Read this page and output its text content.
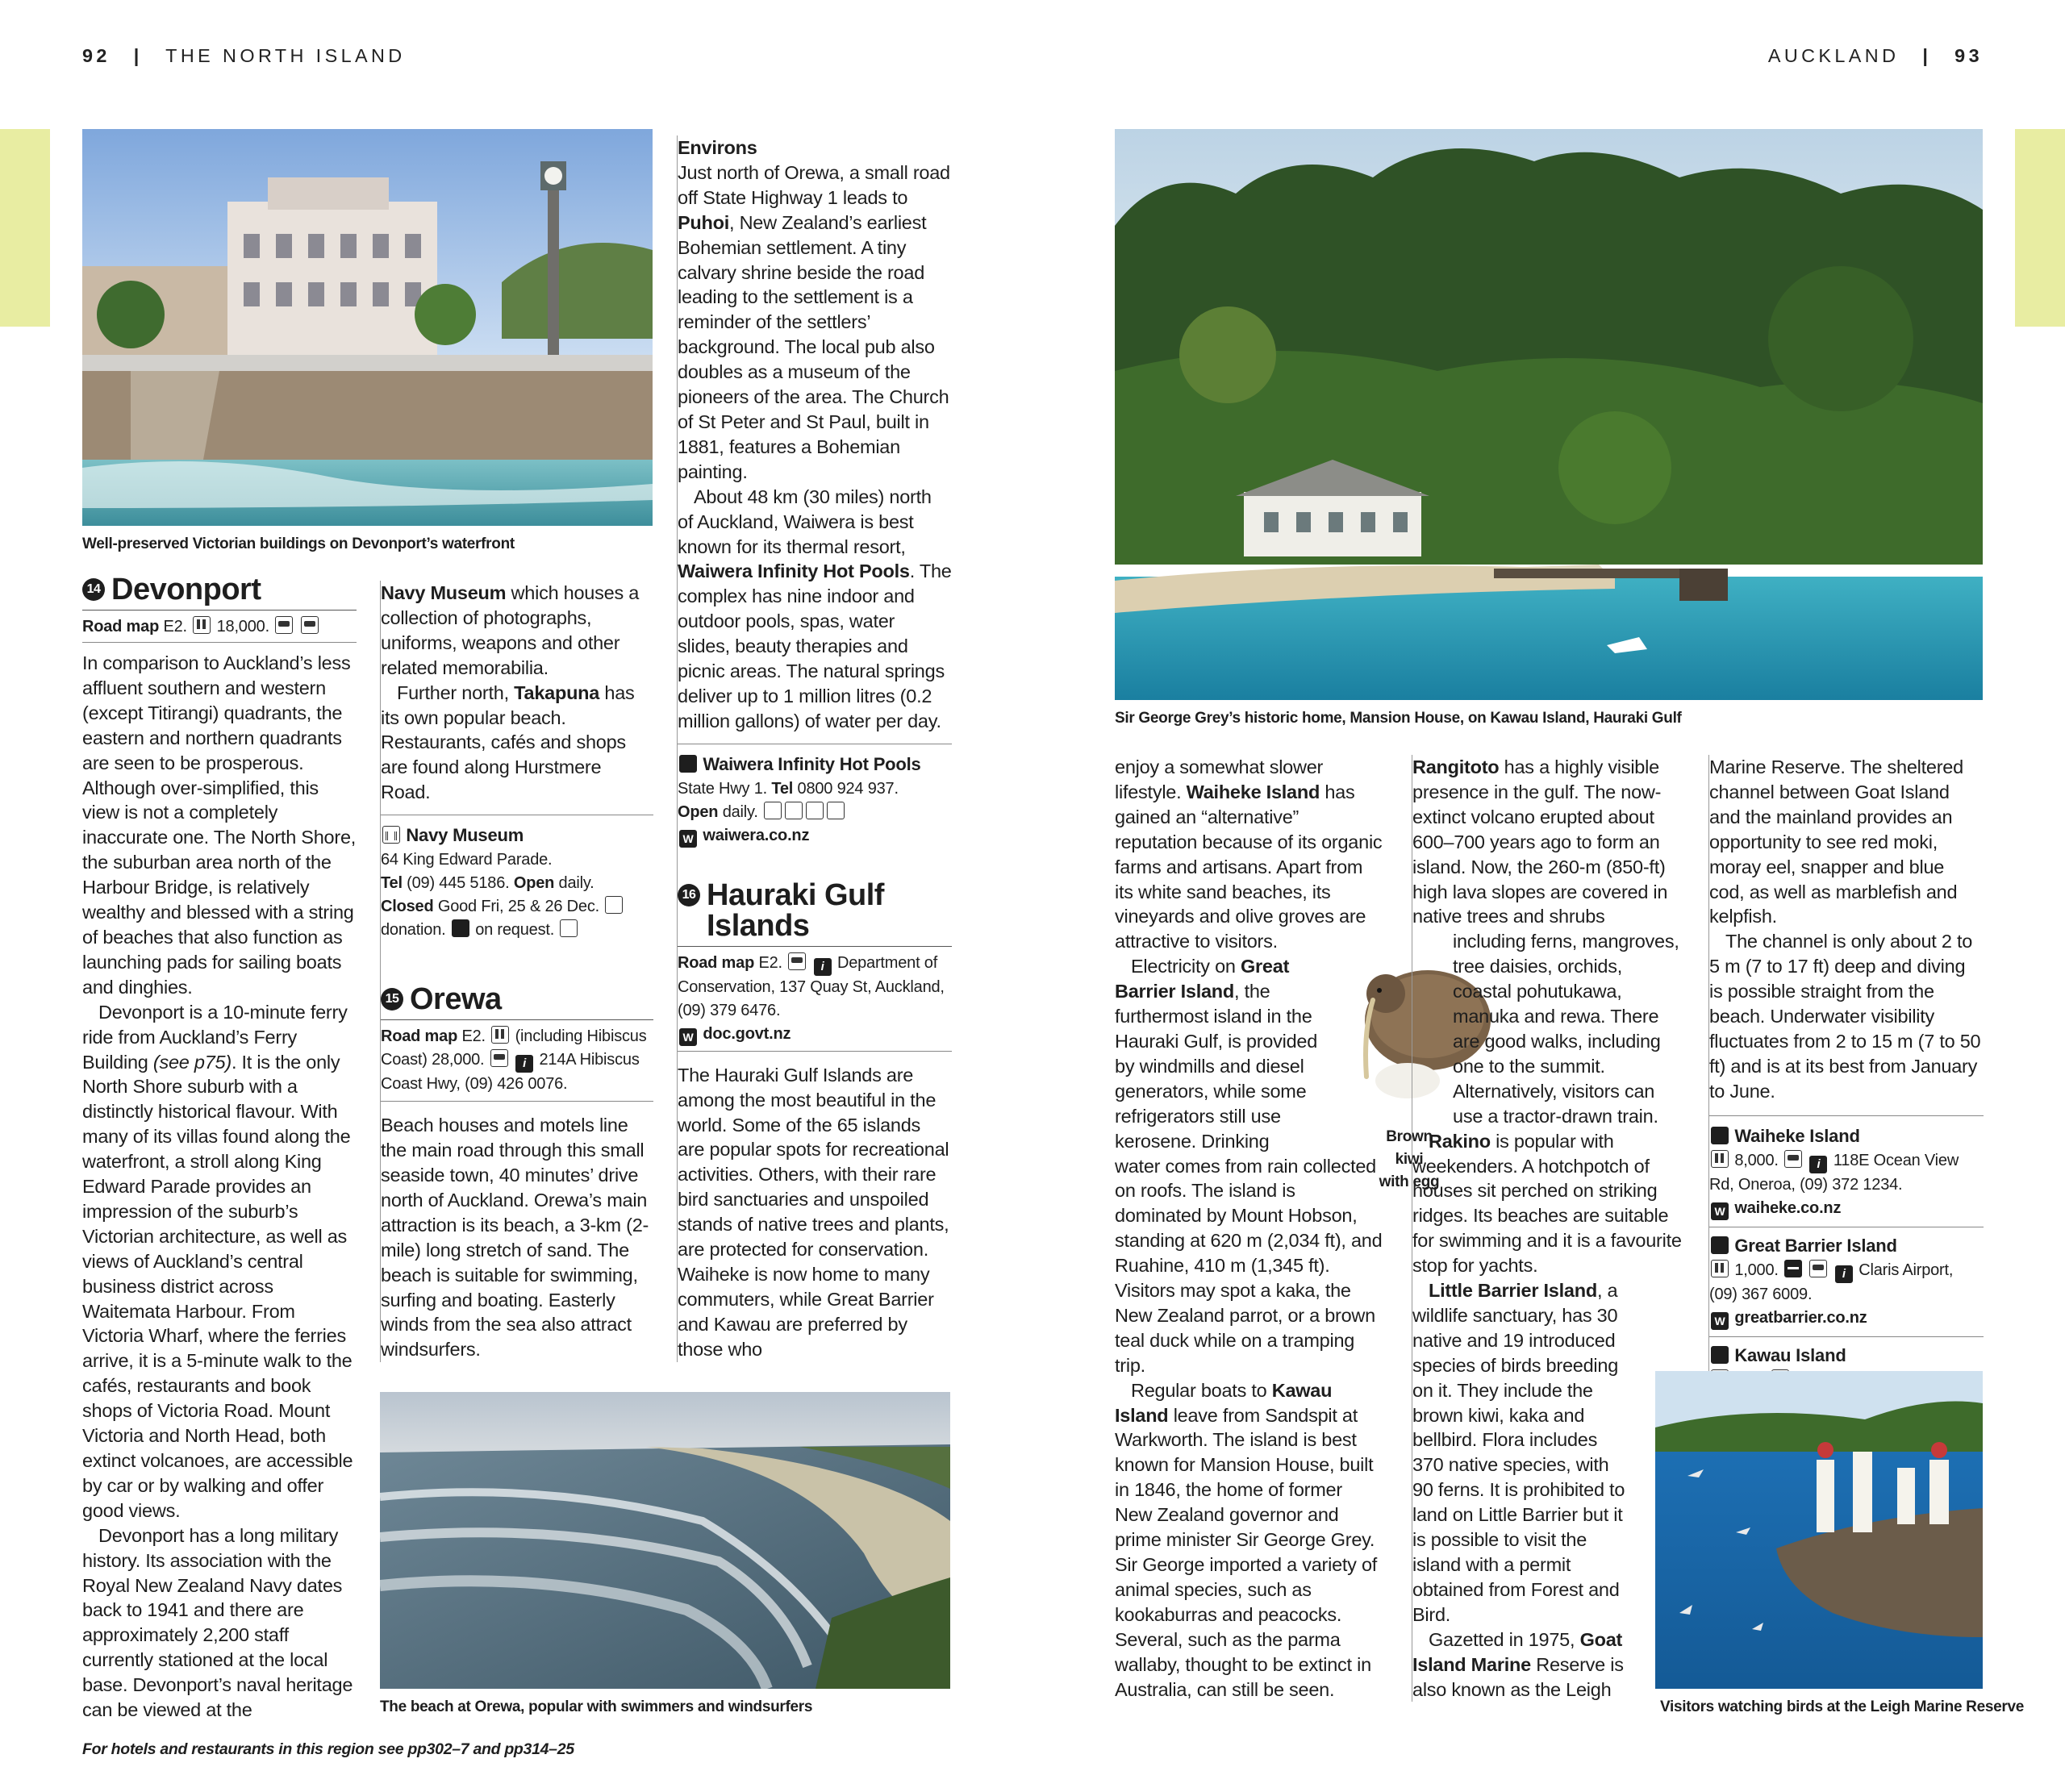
92 | THE NORTH ISLAND	AUCKLAND | 93
Well-preserved Victorian buildings on Devonport’s waterfront
14 Devonport
Road map E2. 18,000.

In comparison to Auckland’s less affluent southern and western (except Titirangi) quadrants, the eastern and northern quadrants are seen to be prosperous. Although over-simplified, this view is not a completely inaccurate one. The North Shore, the suburban area north of the Harbour Bridge, is relatively wealthy and blessed with a string of beaches that also function as launching pads for sailing boats and dinghies.

Devonport is a 10-minute ferry ride from Auckland’s Ferry Building (see p75). It is the only North Shore suburb with a distinctly historical flavour. With many of its villas found along the waterfront, a stroll along King Edward Parade provides an impression of the suburb’s Victorian architecture, as well as views of Auckland’s central business district across Waitemata Harbour. From Victoria Wharf, where the ferries arrive, it is a 5-minute walk to the cafés, restaurants and book shops of Victoria Road. Mount Victoria and North Head, both extinct volcanoes, are accessible by car or by walking and offer good views.

Devonport has a long military history. Its association with the Royal New Zealand Navy dates back to 1941 and there are approximately 2,200 staff currently stationed at the local base. Devonport’s naval heritage can be viewed at the

Navy Museum which houses a collection of photographs, uniforms, weapons and other related memorabilia.

Further north, Takapuna has its own popular beach. Restaurants, cafés and shops are found along Hurstmere Road.

Navy Museum
64 King Edward Parade.
Tel (09) 445 5186. Open daily.
Closed Good Fri, 25 & 26 Dec.
donation. on request.
15 Orewa
Road map E2. (including Hibiscus Coast) 28,000.	i 214A Hibiscus Coast Hwy, (09) 426 0076.

Beach houses and motels line the main road through this small seaside town, 40 minutes’ drive north of Auckland. Orewa’s main attraction is its beach, a 3-km (2-mile) long stretch of sand. The beach is suitable for swimming, surfing and boating. Easterly winds from the sea also attract windsurfers.

Environs

Just north of Orewa, a small road off State Highway 1 leads to Puhoi, New Zealand’s earliest Bohemian settlement. A tiny calvary shrine beside the road leading to the settlement is a reminder of the settlers’ background. The local pub also doubles as a museum of the pioneers of the area. The Church of St Peter and St Paul, built in 1881, features a Bohemian painting.

About 48 km (30 miles) north of Auckland, Waiwera is best known for its thermal resort, Waiwera Infinity Hot Pools. The complex has nine indoor and outdoor pools, spas, water slides, beauty therapies and picnic areas. The natural springs deliver up to 1 million litres (0.2 million gallons) of water per day.

Waiwera Infinity Hot Pools
State Hwy 1. Tel 0800 924 937.
Open daily.
W waiwera.co.nz
16 Hauraki Gulf
Islands
Road map E2.	i Department of Conservation, 137 Quay St, Auckland, (09) 379 6476.
W doc.govt.nz

The Hauraki Gulf Islands are among the most beautiful in the world. Some of the 65 islands are popular spots for recreational activities. Others, with their rare bird sanctuaries and unspoiled stands of native trees and plants, are protected for conservation. Waiheke is now home to many commuters, while Great Barrier and Kawau are preferred by those who

The beach at Orewa, popular with swimmers and windsurfers
For hotels and restaurants in this region see pp302–7 and pp314–25
Sir George Grey’s historic home, Mansion House, on Kawau Island, Hauraki Gulf

enjoy a somewhat slower lifestyle. Waiheke Island has gained an “alternative” reputation because of its organic farms and artisans. Apart from its white sand beaches, its vineyards and olive groves are attractive to visitors.

Electricity on Great Barrier Island, the furthermost island in the Hauraki Gulf, is provided by windmills and diesel generators, while some refrigerators still use kerosene. Drinking

water comes from rain collected on roofs. The island is dominated by Mount Hobson, standing at 620 m (2,034 ft), and Ruahine, 410 m (1,345 ft). Visitors may spot a kaka, the New Zealand parrot, or a brown teal duck while on a tramping trip.

Regular boats to Kawau Island leave from Sandspit at Warkworth. The island is best known for Mansion House, built in 1846, the home of former New Zealand governor and prime minister Sir George Grey. Sir George imported a variety of animal species, such as kookaburras and peacocks. Several, such as the parma wallaby, thought to be extinct in Australia, can still be seen.

Brown kiwi
with egg

Rangitoto has a highly visible presence in the gulf. The now-extinct volcano erupted about 600–700 years ago to form an island. Now, the 260-m (850-ft) high lava slopes are covered in native trees and shrubs

including ferns, mangroves, tree daisies, orchids, coastal pohutukawa, manuka and rewa. There are good walks, including one to the summit. Alternatively, visitors can use a tractor-drawn train.

Rakino is popular with weekenders. A hotchpotch of houses sit perched on striking ridges. Its beaches are suitable for swimming and it is a favourite stop for yachts.

Little Barrier Island, a wildlife sanctuary, has 30 native and 19 introduced species of birds breeding on it. They include the brown kiwi, kaka and bellbird. Flora includes 370 native species, with 90 ferns. It is prohibited to land on Little Barrier but it is possible to visit the island with a permit obtained from Forest and Bird.

Gazetted in 1975, Goat Island Marine Reserve is also known as the Leigh

Marine Reserve. The sheltered channel between Goat Island and the mainland provides an opportunity to see red moki, moray eel, snapper and blue cod, as well as marblefish and kelpfish.

The channel is only about 2 to 5 m (7 to 17 ft) deep and diving is possible straight from the beach. Underwater visibility fluctuates from 2 to 15 m (7 to 50 ft) and is at its best from January to June.

Waiheke Island
8,000.	i 118E Ocean View Rd, Oneroa, (09) 372 1234.
W waiheke.co.nz
Great Barrier Island
1,000.	i Claris Airport, (09) 367 6009.
W greatbarrier.co.nz
Kawau Island

Visitors watching birds at the Leigh Marine Reserve
